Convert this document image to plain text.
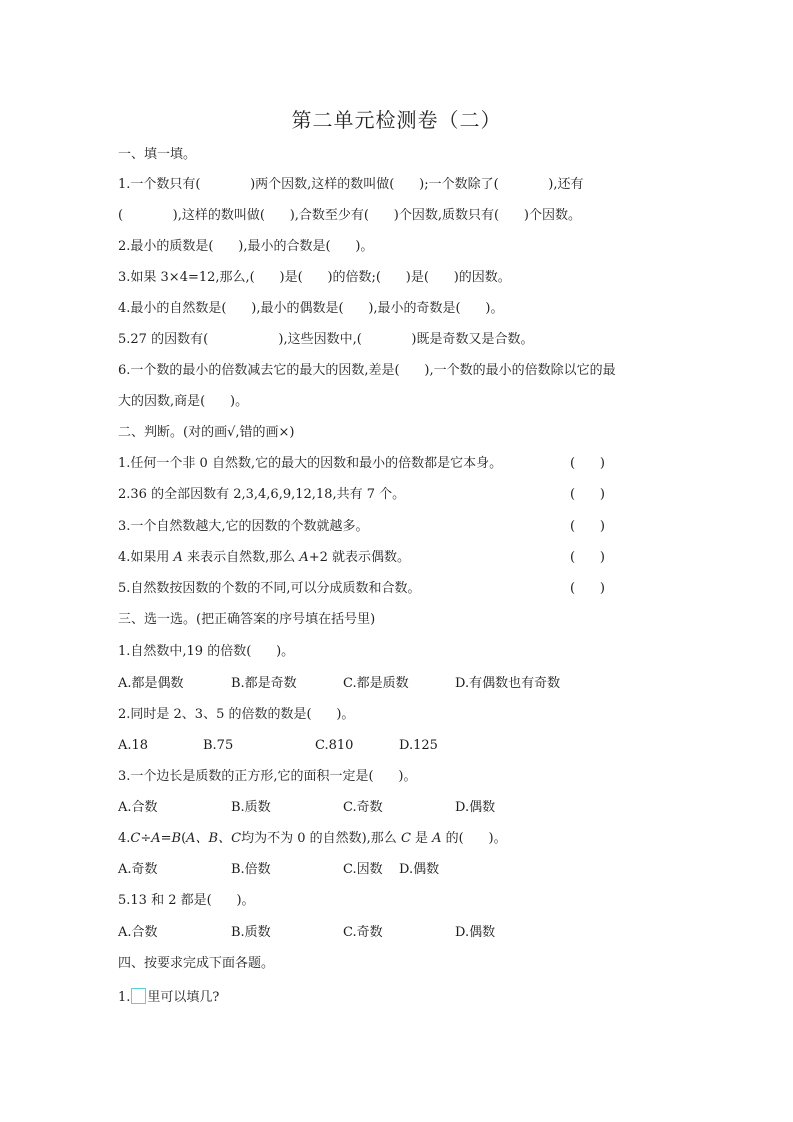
第二单元检测卷（二）
一、填一填。
1.一个数只有(            )两个因数,这样的数叫做(      );一个数除了(            ),还有
(            ),这样的数叫做(      ),合数至少有(      )个因数,质数只有(      )个因数。
2.最小的质数是(      ),最小的合数是(      )。
3.如果 3×4=12,那么,(      )是(      )的倍数;(      )是(      )的因数。
4.最小的自然数是(      ),最小的偶数是(      ),最小的奇数是(      )。
5.27 的因数有(                 ),这些因数中,(            )既是奇数又是合数。
6.一个数的最小的倍数减去它的最大的因数,差是(      ),一个数的最小的倍数除以它的最
大的因数,商是(      )。
二、判断。(对的画√,错的画×)
1.任何一个非 0 自然数,它的最大的因数和最小的倍数都是它本身。	(      )
2.36 的全部因数有 2,3,4,6,9,12,18,共有 7 个。	(      )
3.一个自然数越大,它的因数的个数就越多。	(      )
4.如果用 A 来表示自然数,那么 A+2 就表示偶数。	(      )
5.自然数按因数的个数的不同,可以分成质数和合数。	(      )
三、选一选。(把正确答案的序号填在括号里)
1.自然数中,19 的倍数(      )。
A.都是偶数	B.都是奇数	C.都是质数	D.有偶数也有奇数
2.同时是 2、3、5 的倍数的数是(      )。
A.18	B.75	C.810	D.125
3.一个边长是质数的正方形,它的面积一定是(      )。
A.合数	B.质数	C.奇数	D.偶数
4.C÷A=B(A、B、C均为不为 0 的自然数),那么 C 是 A 的(      )。
A.奇数	B.倍数	C.因数 D.偶数
5.13 和 2 都是(      )。
A.合数	B.质数	C.奇数	D.偶数
四、按要求完成下面各题。
1. 里可以填几?
